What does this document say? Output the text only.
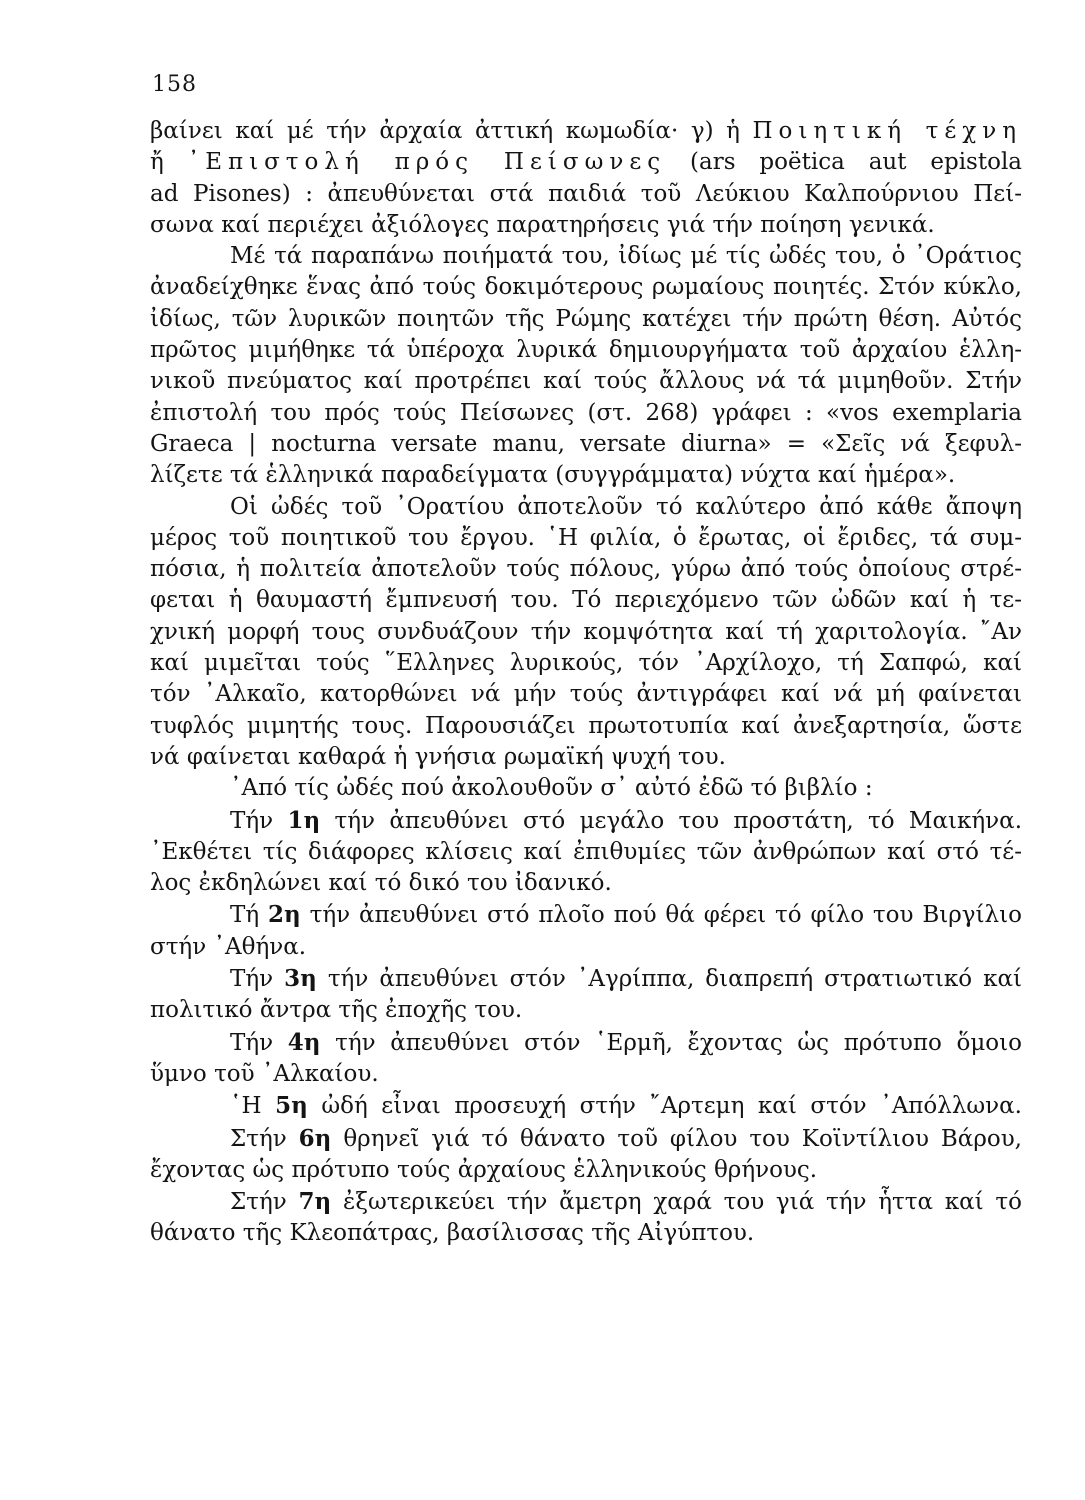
158
βαίνει καί μέ τήν ἀρχαία ἀττική κωμωδία· γ) ἡ Ποιητική τέχνη
ἤ ᾿Επιστολή πρός Πείσωνες (ars poëtica aut epistola
ad Pisones) : ἀπευθύνεται στά παιδιά τοῦ Λεύκιου Καλπούρνιου Πεί-
σωνα καί περιέχει ἀξιόλογες παρατηρήσεις γιά τήν ποίηση γενικά.
Μέ τά παραπάνω ποιήματά του, ἰδίως μέ τίς ὠδές του, ὁ ᾿Οράτιος
ἀναδείχθηκε ἕνας ἀπό τούς δοκιμότερους ρωμαίους ποιητές. Στόν κύκλο,
ἰδίως, τῶν λυρικῶν ποιητῶν τῆς Ρώμης κατέχει τήν πρώτη θέση. Αὐτός
πρῶτος μιμήθηκε τά ὑπέροχα λυρικά δημιουργήματα τοῦ ἀρχαίου ἑλλη-
νικοῦ πνεύματος καί προτρέπει καί τούς ἄλλους νά τά μιμηθοῦν. Στήν
ἐπιστολή του πρός τούς Πείσωνες (στ. 268) γράφει : «vos exemplaria
Graeca | nocturna versate manu, versate diurna» = «Σεῖς νά ξεφυλ-
λίζετε τά ἑλληνικά παραδείγματα (συγγράμματα) νύχτα καί ἡμέρα».
Οἱ ὠδές τοῦ ᾿Ορατίου ἀποτελοῦν τό καλύτερο ἀπό κάθε ἄποψη
μέρος τοῦ ποιητικοῦ του ἔργου. ῾Η φιλία, ὁ ἔρωτας, οἱ ἔριδες, τά συμ-
πόσια, ἡ πολιτεία ἀποτελοῦν τούς πόλους, γύρω ἀπό τούς ὁποίους στρέ-
φεται ἡ θαυμαστή ἔμπνευσή του. Τό περιεχόμενο τῶν ὠδῶν καί ἡ τε-
χνική μορφή τους συνδυάζουν τήν κομψότητα καί τή χαριτολογία. ῎Αν
καί μιμεῖται τούς ῞Ελληνες λυρικούς, τόν ᾿Αρχίλοχο, τή Σαπφώ, καί
τόν ᾿Αλκαῖο, κατορθώνει νά μήν τούς ἀντιγράφει καί νά μή φαίνεται
τυφλός μιμητής τους. Παρουσιάζει πρωτοτυπία καί ἀνεξαρτησία, ὥστε
νά φαίνεται καθαρά ἡ γνήσια ρωμαϊκή ψυχή του.
᾿Από τίς ὠδές πού ἀκολουθοῦν σ᾿ αὐτό ἐδῶ τό βιβλίο :
Τήν 1η τήν ἀπευθύνει στό μεγάλο του προστάτη, τό Μαικήνα.
᾿Εκθέτει τίς διάφορες κλίσεις καί ἐπιθυμίες τῶν ἀνθρώπων καί στό τέ-
λος ἐκδηλώνει καί τό δικό του ἰδανικό.
Τή 2η τήν ἀπευθύνει στό πλοῖο πού θά φέρει τό φίλο του Βιργίλιο
στήν ᾿Αθήνα.
Τήν 3η τήν ἀπευθύνει στόν ᾿Αγρίππα, διαπρεπή στρατιωτικό καί
πολιτικό ἄντρα τῆς ἐποχῆς του.
Τήν 4η τήν ἀπευθύνει στόν ῾Ερμῆ, ἔχοντας ὡς πρότυπο ὅμοιο
ὕμνο τοῦ ᾿Αλκαίου.
῾Η 5η ὠδή εἶναι προσευχή στήν ῎Αρτεμη καί στόν ᾿Απόλλωνα.
Στήν 6η θρηνεῖ γιά τό θάνατο τοῦ φίλου του Κοϊντίλιου Βάρου,
ἔχοντας ὡς πρότυπο τούς ἀρχαίους ἑλληνικούς θρήνους.
Στήν 7η ἐξωτερικεύει τήν ἄμετρη χαρά του γιά τήν ἧττα καί τό
θάνατο τῆς Κλεοπάτρας, βασίλισσας τῆς Αἰγύπτου.
